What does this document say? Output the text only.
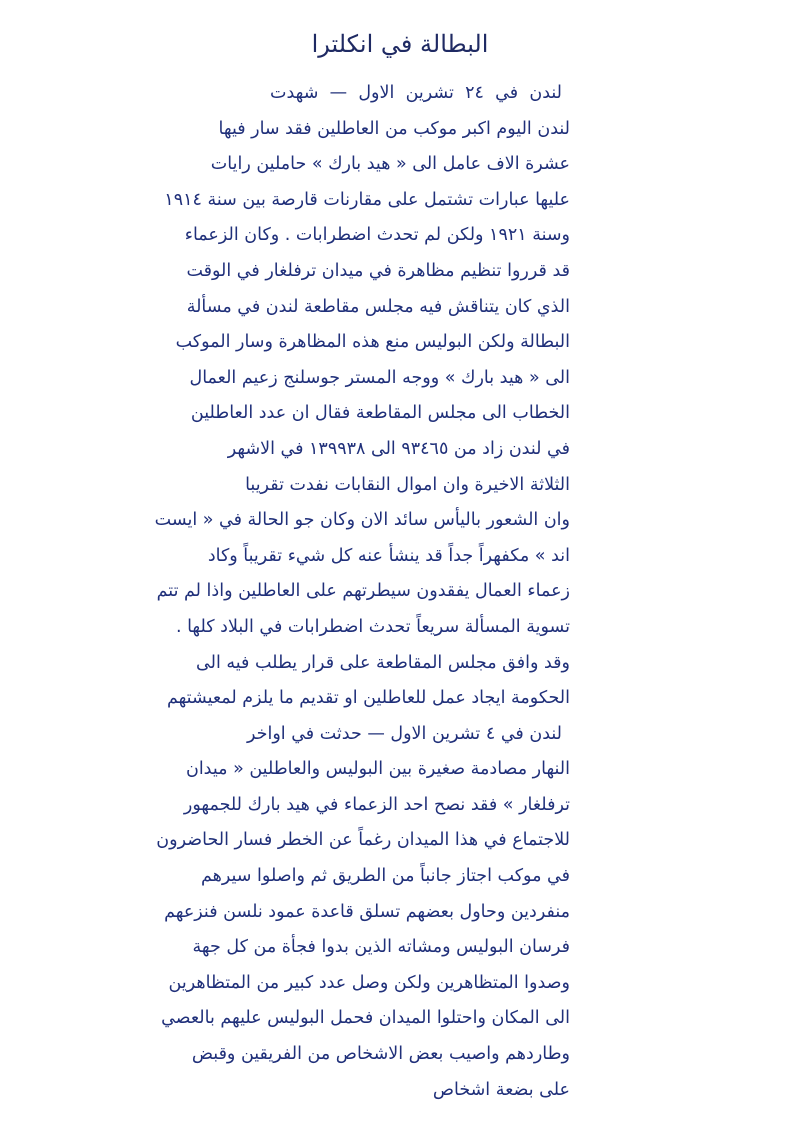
البطالة في انكلترا
لندن في ٢٤ تشرين الاول — شهدت
لندن اليوم اكبر موكب من العاطلين فقد سار فيها
عشرة الاف عامل الى « هيد بارك » حاملين رايات
عليها عبارات تشتمل على مقارنات قارصة بين سنة ١٩١٤
وسنة ١٩٢١ ولكن لم تحدث اضطرابات . وكان الزعماء
قد قرروا تنظيم مظاهرة في ميدان ترفلغار في الوقت
الذي كان يتناقش فيه مجلس مقاطعة لندن في مسألة
البطالة ولكن البوليس منع هذه المظاهرة وسار الموكب
الى « هيد بارك » ووجه المستر جوسلنج زعيم العمال
الخطاب الى مجلس المقاطعة فقال ان عدد العاطلين
في لندن زاد من ٩٣٤٦٥ الى ١٣٩٩٣٨ في الاشهر
الثلاثة الاخيرة وان اموال النقابات نفدت تقريبا
وان الشعور باليأس سائد الان وكان جو الحالة في « ايست
اند » مكفهراً جداً قد ينشأ عنه كل شيء تقريباً وكاد
زعماء العمال يفقدون سيطرتهم على العاطلين واذا لم تتم
تسوية المسألة سريعاً تحدث اضطرابات في البلاد كلها .
وقد وافق مجلس المقاطعة على قرار يطلب فيه الى
الحكومة ايجاد عمل للعاطلين او تقديم ما يلزم لمعيشتهم
لندن في ٤ تشرين الاول — حدثت في اواخر
النهار مصادمة صغيرة بين البوليس والعاطلين « ميدان
ترفلغار » فقد نصح احد الزعماء في هيد بارك للجمهور
للاجتماع في هذا الميدان رغماً عن الخطر فسار الحاضرون
في موكب اجتاز جانباً من الطريق ثم واصلوا سيرهم
منفردين وحاول بعضهم تسلق قاعدة عمود نلسن فنزعهم
فرسان البوليس ومشاته الذين بدوا فجأة من كل جهة
وصدوا المتظاهرين ولكن وصل عدد كبير من المتظاهرين
الى المكان واحتلوا الميدان فحمل البوليس عليهم بالعصي
وطاردهم واصيب بعض الاشخاص من الفريقين وقبض
على بضعة اشخاص
